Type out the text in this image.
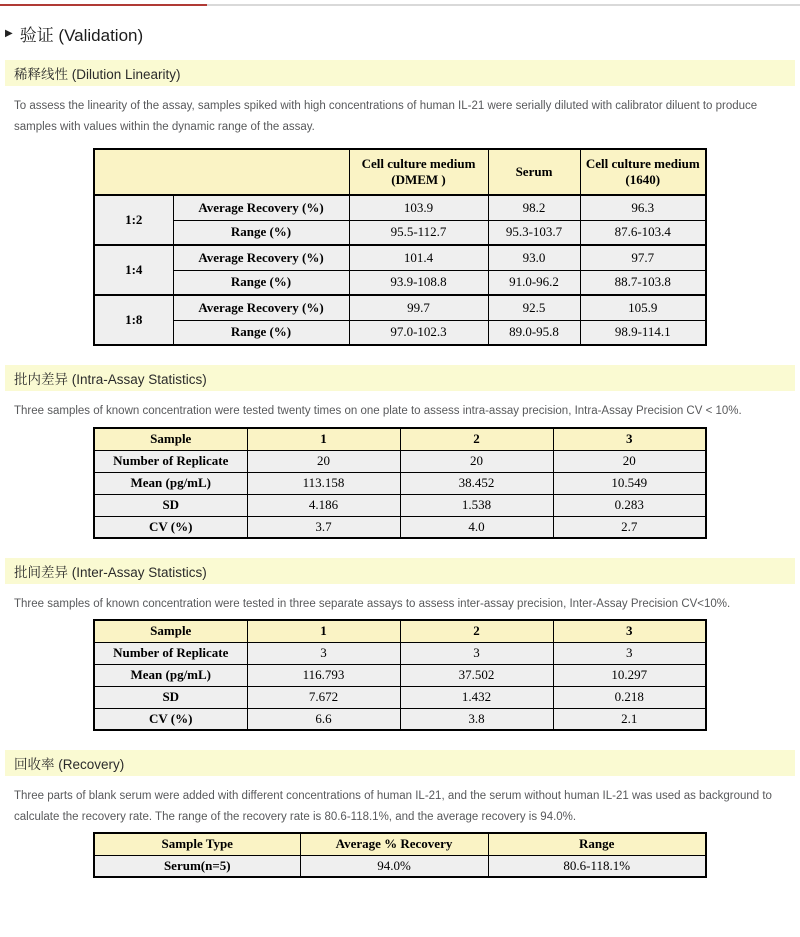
▶ 验证 (Validation)
稀释线性 (Dilution Linearity)

To assess the linearity of the assay, samples spiked with high concentrations of human IL-21 were serially diluted with calibrator diluent to produce samples with values within the dynamic range of the assay.

		Cell culture medium (DMEM )	Serum	Cell culture medium (1640)
1:2	Average Recovery (%)	103.9	98.2	96.3
	Range (%)	95.5-112.7	95.3-103.7	87.6-103.4
1:4	Average Recovery (%)	101.4	93.0	97.7
	Range (%)	93.9-108.8	91.0-96.2	88.7-103.8
1:8	Average Recovery (%)	99.7	92.5	105.9
	Range (%)	97.0-102.3	89.0-95.8	98.9-114.1
批内差异 (Intra-Assay Statistics)

Three samples of known concentration were tested twenty times on one plate to assess intra-assay precision, Intra-Assay Precision CV < 10%.

Sample	1	2	3
Number of Replicate	20	20	20
Mean (pg/mL)	113.158	38.452	10.549
SD	4.186	1.538	0.283
CV (%)	3.7	4.0	2.7
批间差异 (Inter-Assay Statistics)

Three samples of known concentration were tested in three separate assays to assess inter-assay precision, Inter-Assay Precision CV<10%.

Sample	1	2	3
Number of Replicate	3	3	3
Mean (pg/mL)	116.793	37.502	10.297
SD	7.672	1.432	0.218
CV (%)	6.6	3.8	2.1
回收率 (Recovery)

Three parts of blank serum were added with different concentrations of human IL-21, and the serum without human IL-21 was used as background to calculate the recovery rate. The range of the recovery rate is 80.6-118.1%, and the average recovery is 94.0%.

Sample Type	Average % Recovery	Range
Serum(n=5)	94.0%	80.6-118.1%
